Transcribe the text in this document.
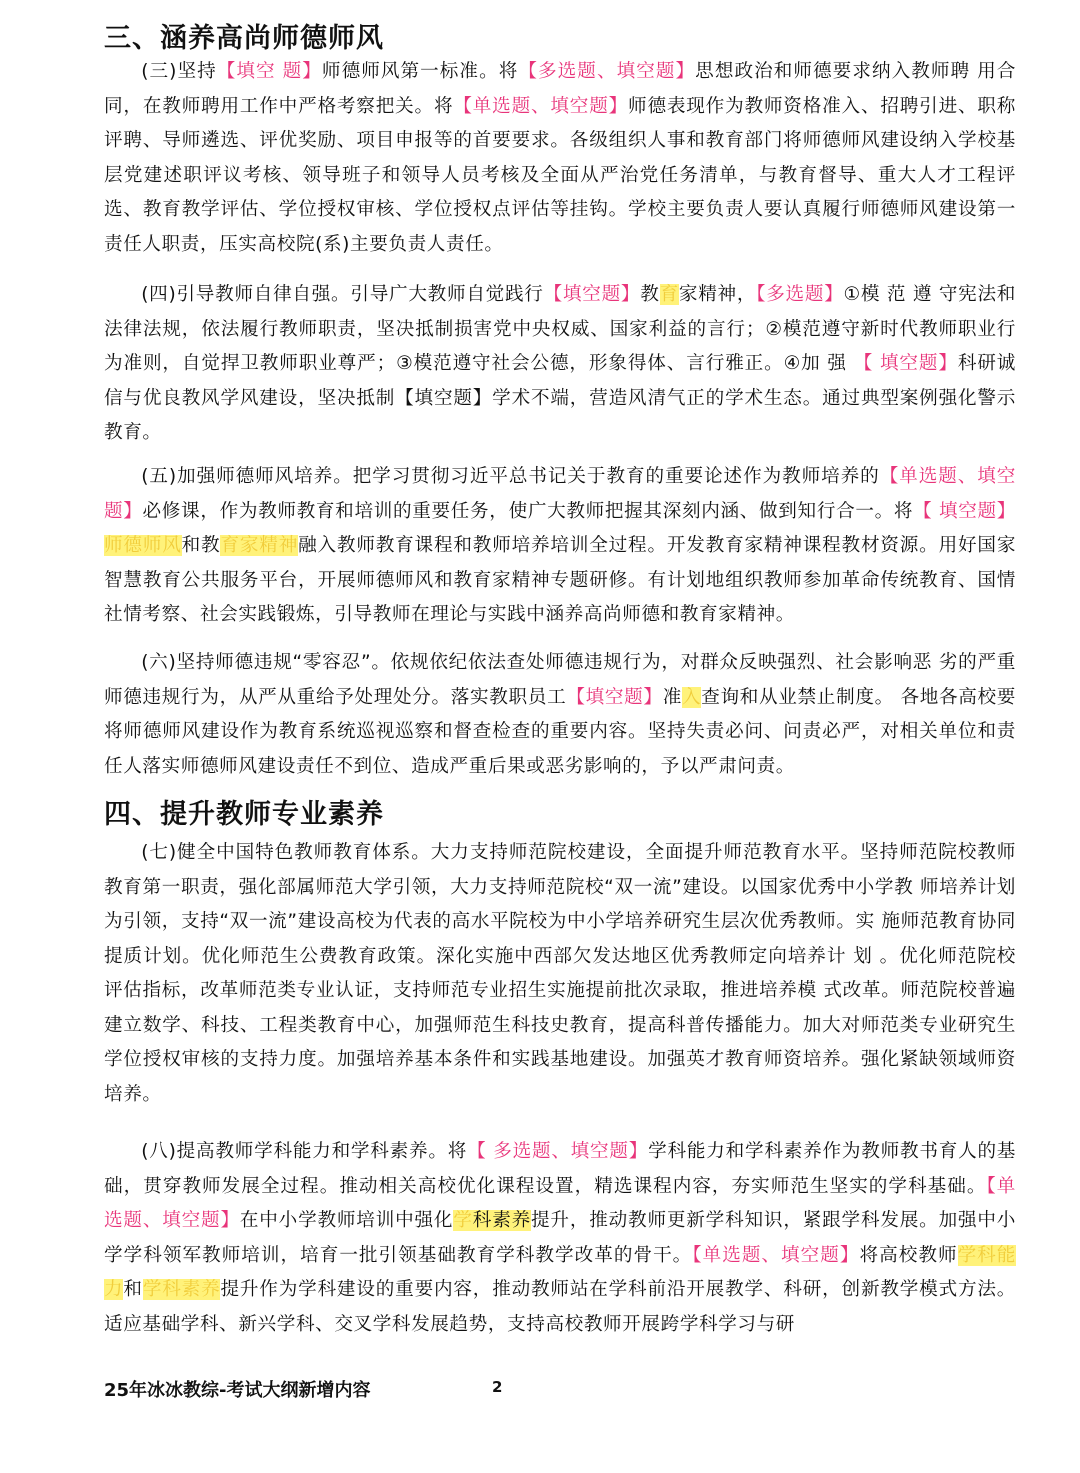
三、涵养高尚师德师风
(三)坚持【填空 题】师德师风第一标准。将【多选题、填空题】思想政治和师德要求纳入教师聘 用合同，在教师聘用工作中严格考察把关。将【单选题、填空题】师德表现作为教师资格准入、招聘引进、职称评聘、导师遴选、评优奖励、项目申报等的首要要求。各级组织人事和教育部门将师德师风建设纳入学校基层党建述职评议考核、领导班子和领导人员考核及全面从严治党任务清单，与教育督导、重大人才工程评选、教育教学评估、学位授权审核、学位授权点评估等挂钩。学校主要负责人要认真履行师德师风建设第一责任人职责，压实高校院(系)主要负责人责任。
(四)引导教师自律自强。引导广大教师自觉践行【填空题】教育家精神，【多选题】①模 范 遵 守宪法和法律法规，依法履行教师职责，坚决抵制损害党中央权威、国家利益的言行；②模范遵守新时代教师职业行为准则，自觉捍卫教师职业尊严；③模范遵守社会公德，形象得体、言行雅正。④加 强 【 填空题】科研诚信与优良教风学风建设，坚决抵制【填空题】学术不端，营造风清气正的学术生态。通过典型案例强化警示教育。
(五)加强师德师风培养。把学习贯彻习近平总书记关于教育的重要论述作为教师培养的【单选题、填空题】必修课，作为教师教育和培训的重要任务，使广大教师把握其深刻内涵、做到知行合一。将【 填空题】师德师风和教育家精神融入教师教育课程和教师培养培训全过程。开发教育家精神课程教材资源。用好国家智慧教育公共服务平台，开展师德师风和教育家精神专题研修。有计划地组织教师参加革命传统教育、国情社情考察、社会实践锻炼，引导教师在理论与实践中涵养高尚师德和教育家精神。
(六)坚持师德违规“零容忍”。依规依纪依法查处师德违规行为，对群众反映强烈、社会影响恶 劣的严重师德违规行为，从严从重给予处理处分。落实教职员工【填空题】准入查询和从业禁止制度。 各地各高校要将师德师风建设作为教育系统巡视巡察和督查检查的重要内容。坚持失责必问、问责必严，对相关单位和责任人落实师德师风建设责任不到位、造成严重后果或恶劣影响的，予以严肃问责。
四、提升教师专业素养
(七)健全中国特色教师教育体系。大力支持师范院校建设，全面提升师范教育水平。坚持师范院校教师教育第一职责，强化部属师范大学引领，大力支持师范院校“双一流”建设。以国家优秀中小学教 师培养计划为引领，支持“双一流”建设高校为代表的高水平院校为中小学培养研究生层次优秀教师。实 施师范教育协同提质计划。优化师范生公费教育政策。深化实施中西部欠发达地区优秀教师定向培养计 划 。优化师范院校评估指标，改革师范类专业认证，支持师范专业招生实施提前批次录取，推进培养模 式改革。师范院校普遍建立数学、科技、工程类教育中心，加强师范生科技史教育，提高科普传播能力。加大对师范类专业研究生学位授权审核的支持力度。加强培养基本条件和实践基地建设。加强英才教育师资培养。强化紧缺领域师资培养。
(八)提高教师学科能力和学科素养。将【 多选题、填空题】学科能力和学科素养作为教师教书育人的基础，贯穿教师发展全过程。推动相关高校优化课程设置，精选课程内容，夯实师范生坚实的学科基础。【单选题、填空题】在中小学教师培训中强化学科素养提升，推动教师更新学科知识，紧跟学科发展。加强中小学学科领军教师培训，培育一批引领基础教育学科教学改革的骨干。【单选题、填空题】将高校教师学科能力和学科素养提升作为学科建设的重要内容，推动教师站在学科前沿开展教学、科研，创新教学模式方法。适应基础学科、新兴学科、交叉学科发展趋势，支持高校教师开展跨学科学习与研
25年冰冰教综-考试大纲新增内容	2
